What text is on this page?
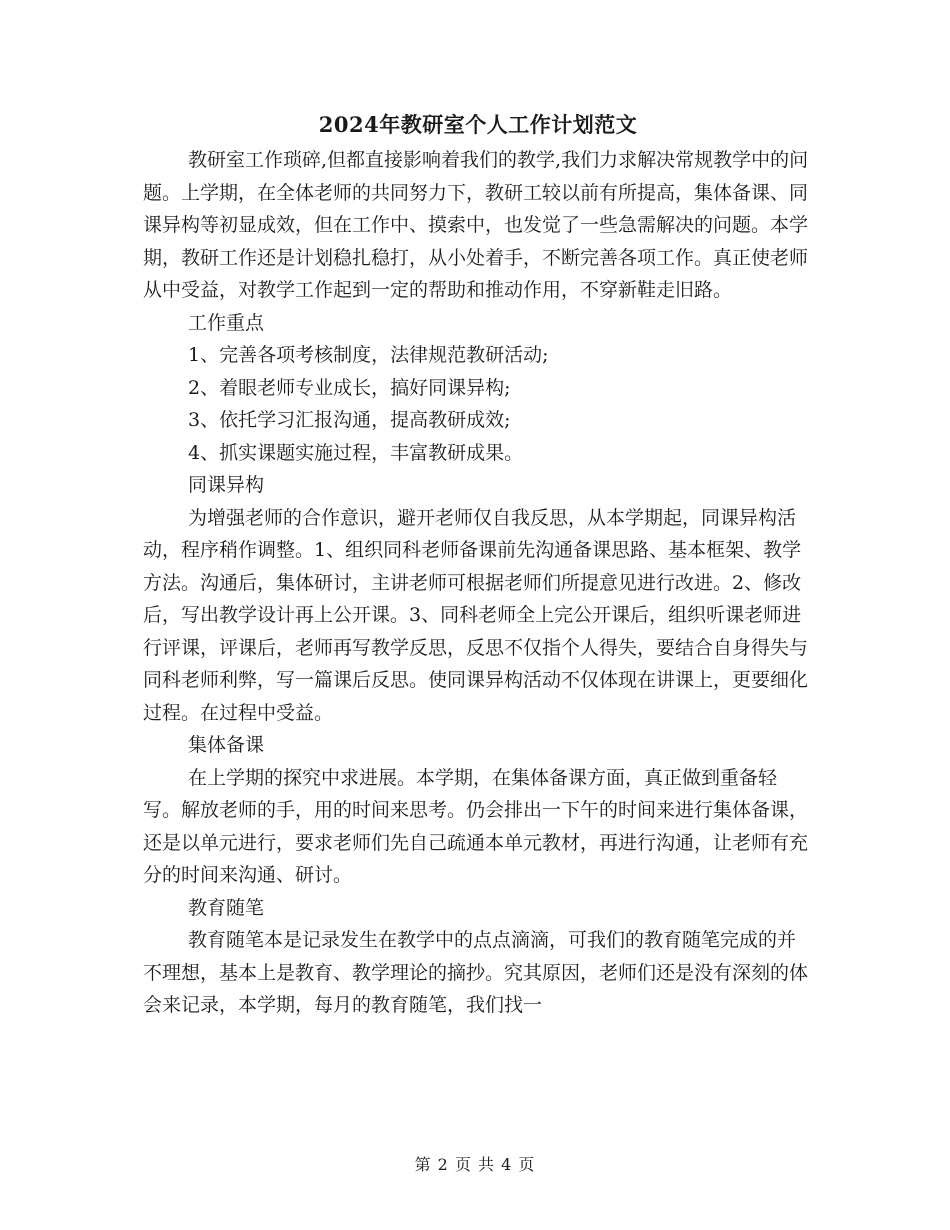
2024年教研室个人工作计划范文

教研室工作琐碎,但都直接影响着我们的教学,我们力求解决常规教学中的问题。上学期，在全体老师的共同努力下，教研工较以前有所提高，集体备课、同课异构等初显成效，但在工作中、摸索中，也发觉了一些急需解决的问题。本学期，教研工作还是计划稳扎稳打，从小处着手，不断完善各项工作。真正使老师从中受益，对教学工作起到一定的帮助和推动作用，不穿新鞋走旧路。

工作重点

1、完善各项考核制度，法律规范教研活动;

2、着眼老师专业成长，搞好同课异构;

3、依托学习汇报沟通，提高教研成效;

4、抓实课题实施过程，丰富教研成果。

同课异构

为增强老师的合作意识，避开老师仅自我反思，从本学期起，同课异构活动，程序稍作调整。1、组织同科老师备课前先沟通备课思路、基本框架、教学方法。沟通后，集体研讨，主讲老师可根据老师们所提意见进行改进。2、修改后，写出教学设计再上公开课。3、同科老师全上完公开课后，组织听课老师进行评课，评课后，老师再写教学反思，反思不仅指个人得失，要结合自身得失与同科老师利弊，写一篇课后反思。使同课异构活动不仅体现在讲课上，更要细化过程。在过程中受益。

集体备课

在上学期的探究中求进展。本学期，在集体备课方面，真正做到重备轻写。解放老师的手，用的时间来思考。仍会排出一下午的时间来进行集体备课，还是以单元进行，要求老师们先自己疏通本单元教材，再进行沟通，让老师有充分的时间来沟通、研讨。

教育随笔

教育随笔本是记录发生在教学中的点点滴滴，可我们的教育随笔完成的并不理想，基本上是教育、教学理论的摘抄。究其原因，老师们还是没有深刻的体会来记录，本学期，每月的教育随笔，我们找一

第 2 页 共 4 页
